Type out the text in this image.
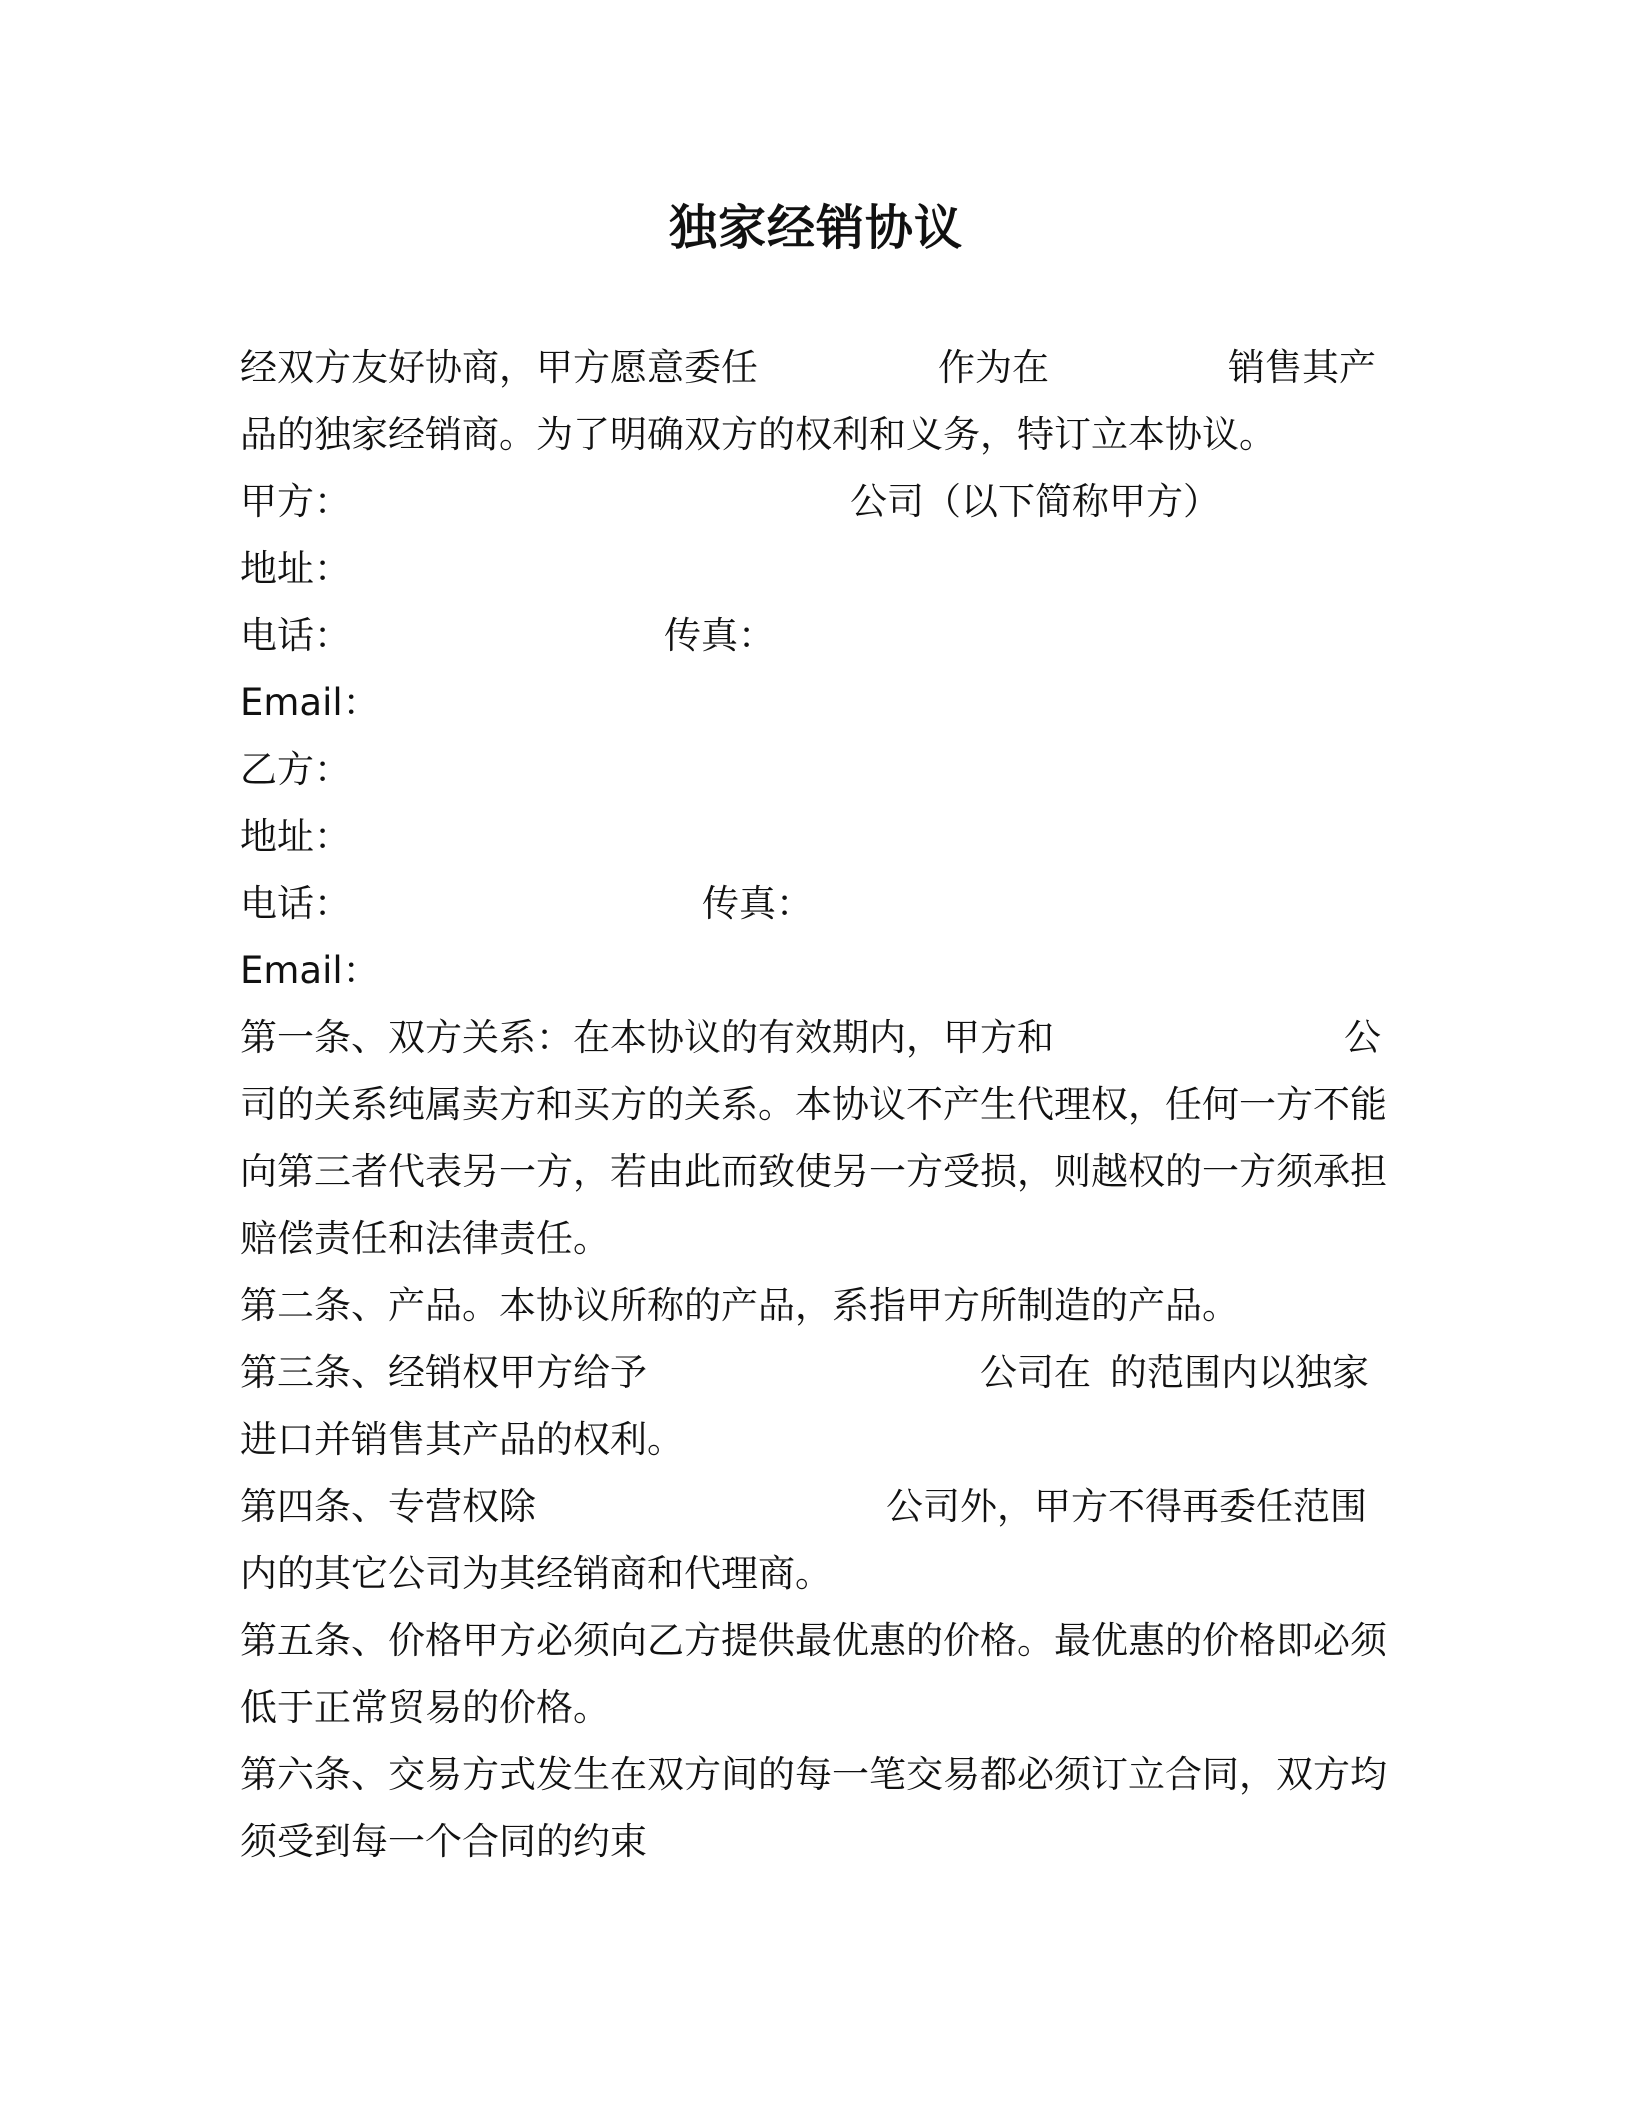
独家经销协议
经双方友好协商，甲方愿意委任	作为在	销售其产
品的独家经销商。为了明确双方的权利和义务，特订立本协议。
甲方：	公司（以下简称甲方）
地址：
电话：	传真：
Email：
乙方：
地址：
电话：	传真：
Email：
第一条、双方关系：在本协议的有效期内，甲方和	公
司的关系纯属卖方和买方的关系。本协议不产生代理权，任何一方不能
向第三者代表另一方，若由此而致使另一方受损，则越权的一方须承担
赔偿责任和法律责任。
第二条、产品。本协议所称的产品，系指甲方所制造的产品。
第三条、经销权甲方给予	公司在 的范围内以独家
进口并销售其产品的权利。
第四条、专营权除	公司外，甲方不得再委任范围
内的其它公司为其经销商和代理商。
第五条、价格甲方必须向乙方提供最优惠的价格。最优惠的价格即必须
低于正常贸易的价格。
第六条、交易方式发生在双方间的每一笔交易都必须订立合同，双方均
须受到每一个合同的约束
